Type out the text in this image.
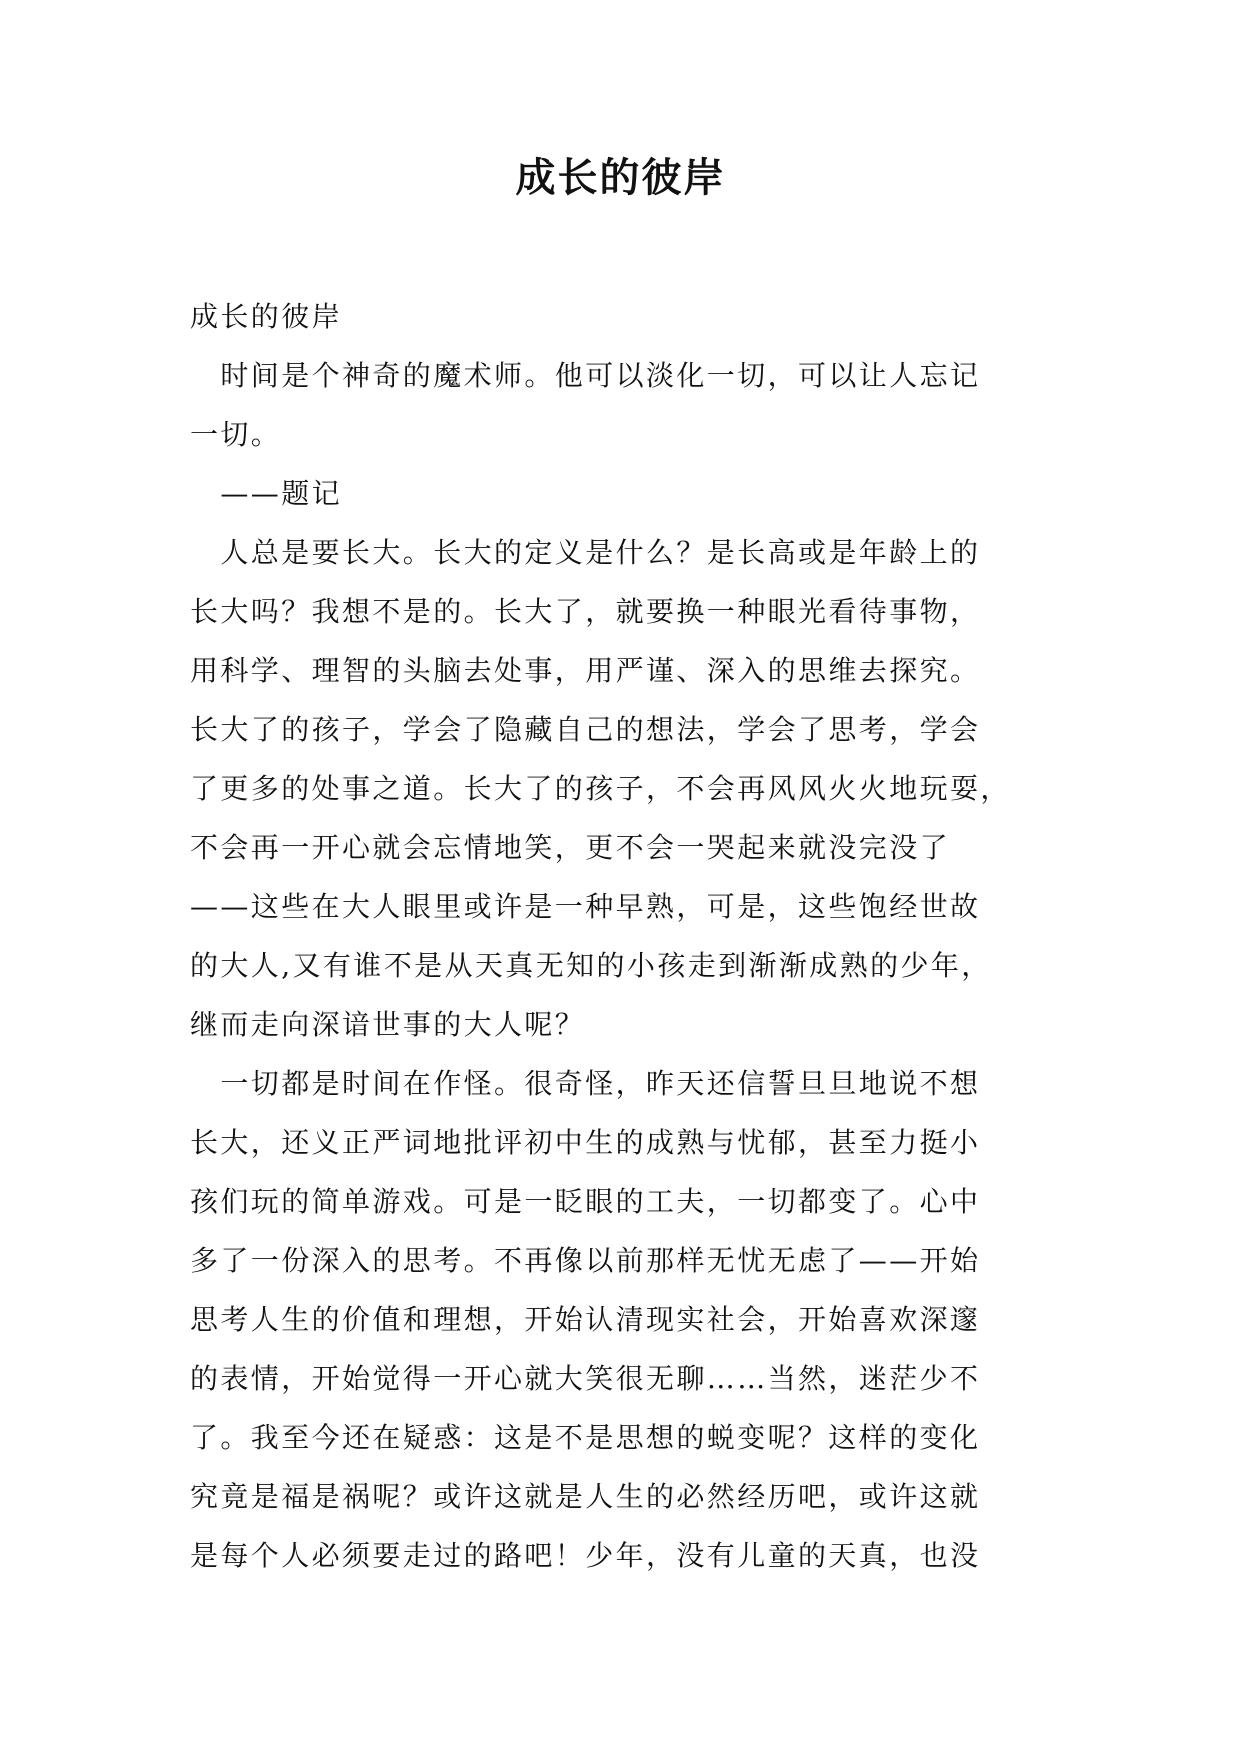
成长的彼岸
成长的彼岸
　时间是个神奇的魔术师。他可以淡化一切，可以让人忘记
一切。
　——题记
　人总是要长大。长大的定义是什么？是长高或是年龄上的
长大吗？我想不是的。长大了，就要换一种眼光看待事物，
用科学、理智的头脑去处事，用严谨、深入的思维去探究。
长大了的孩子，学会了隐藏自己的想法，学会了思考，学会
了更多的处事之道。长大了的孩子，不会再风风火火地玩耍，
不会再一开心就会忘情地笑，更不会一哭起来就没完没了
——这些在大人眼里或许是一种早熟，可是，这些饱经世故
的大人,又有谁不是从天真无知的小孩走到渐渐成熟的少年，
继而走向深谙世事的大人呢？
　一切都是时间在作怪。很奇怪，昨天还信誓旦旦地说不想
长大，还义正严词地批评初中生的成熟与忧郁，甚至力挺小
孩们玩的简单游戏。可是一眨眼的工夫，一切都变了。心中
多了一份深入的思考。不再像以前那样无忧无虑了——开始
思考人生的价值和理想，开始认清现实社会，开始喜欢深邃
的表情，开始觉得一开心就大笑很无聊……当然，迷茫少不
了。我至今还在疑惑：这是不是思想的蜕变呢？这样的变化
究竟是福是祸呢？或许这就是人生的必然经历吧，或许这就
是每个人必须要走过的路吧！少年，没有儿童的天真，也没
